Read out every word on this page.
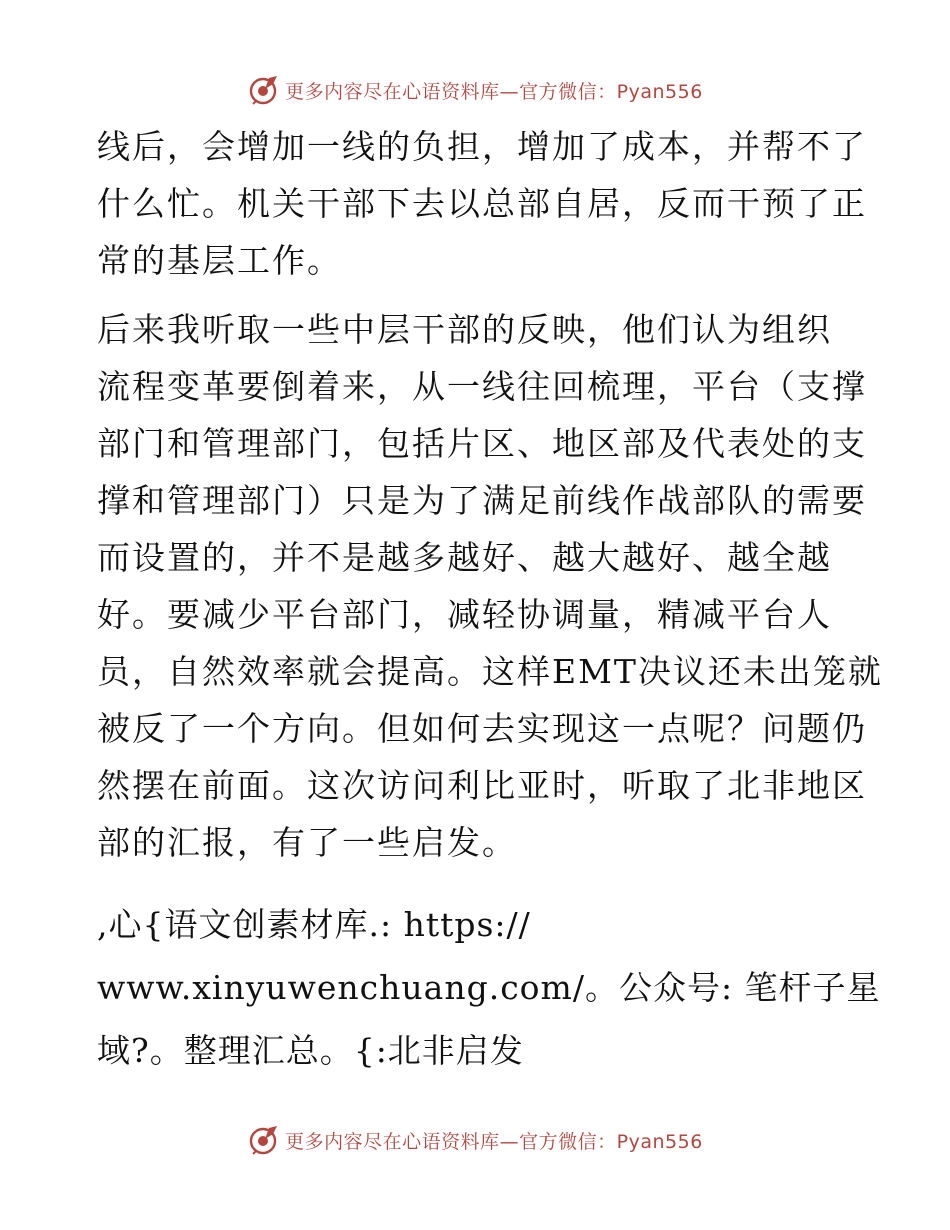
更多内容尽在心语资料库—官方微信：Pyan556

线后，会增加一线的负担，增加了成本，并帮不了
什么忙。机关干部下去以总部自居，反而干预了正
常的基层工作。

后来我听取一些中层干部的反映，他们认为组织
流程变革要倒着来，从一线往回梳理，平台（支撑
部门和管理部门，包括片区、地区部及代表处的支
撑和管理部门）只是为了满足前线作战部队的需要
而设置的，并不是越多越好、越大越好、越全越
好。要减少平台部门，减轻协调量，精减平台人
员，自然效率就会提高。这样EMT决议还未出笼就
被反了一个方向。但如何去实现这一点呢？问题仍
然摆在前面。这次访问利比亚时，听取了北非地区
部的汇报，有了一些启发。

,心{语文创素材库.: https://
www.xinyuwenchuang.com/。公众号: 笔杆子星
域?。整理汇总。{:北非启发
更多内容尽在心语资料库—官方微信：Pyan556
